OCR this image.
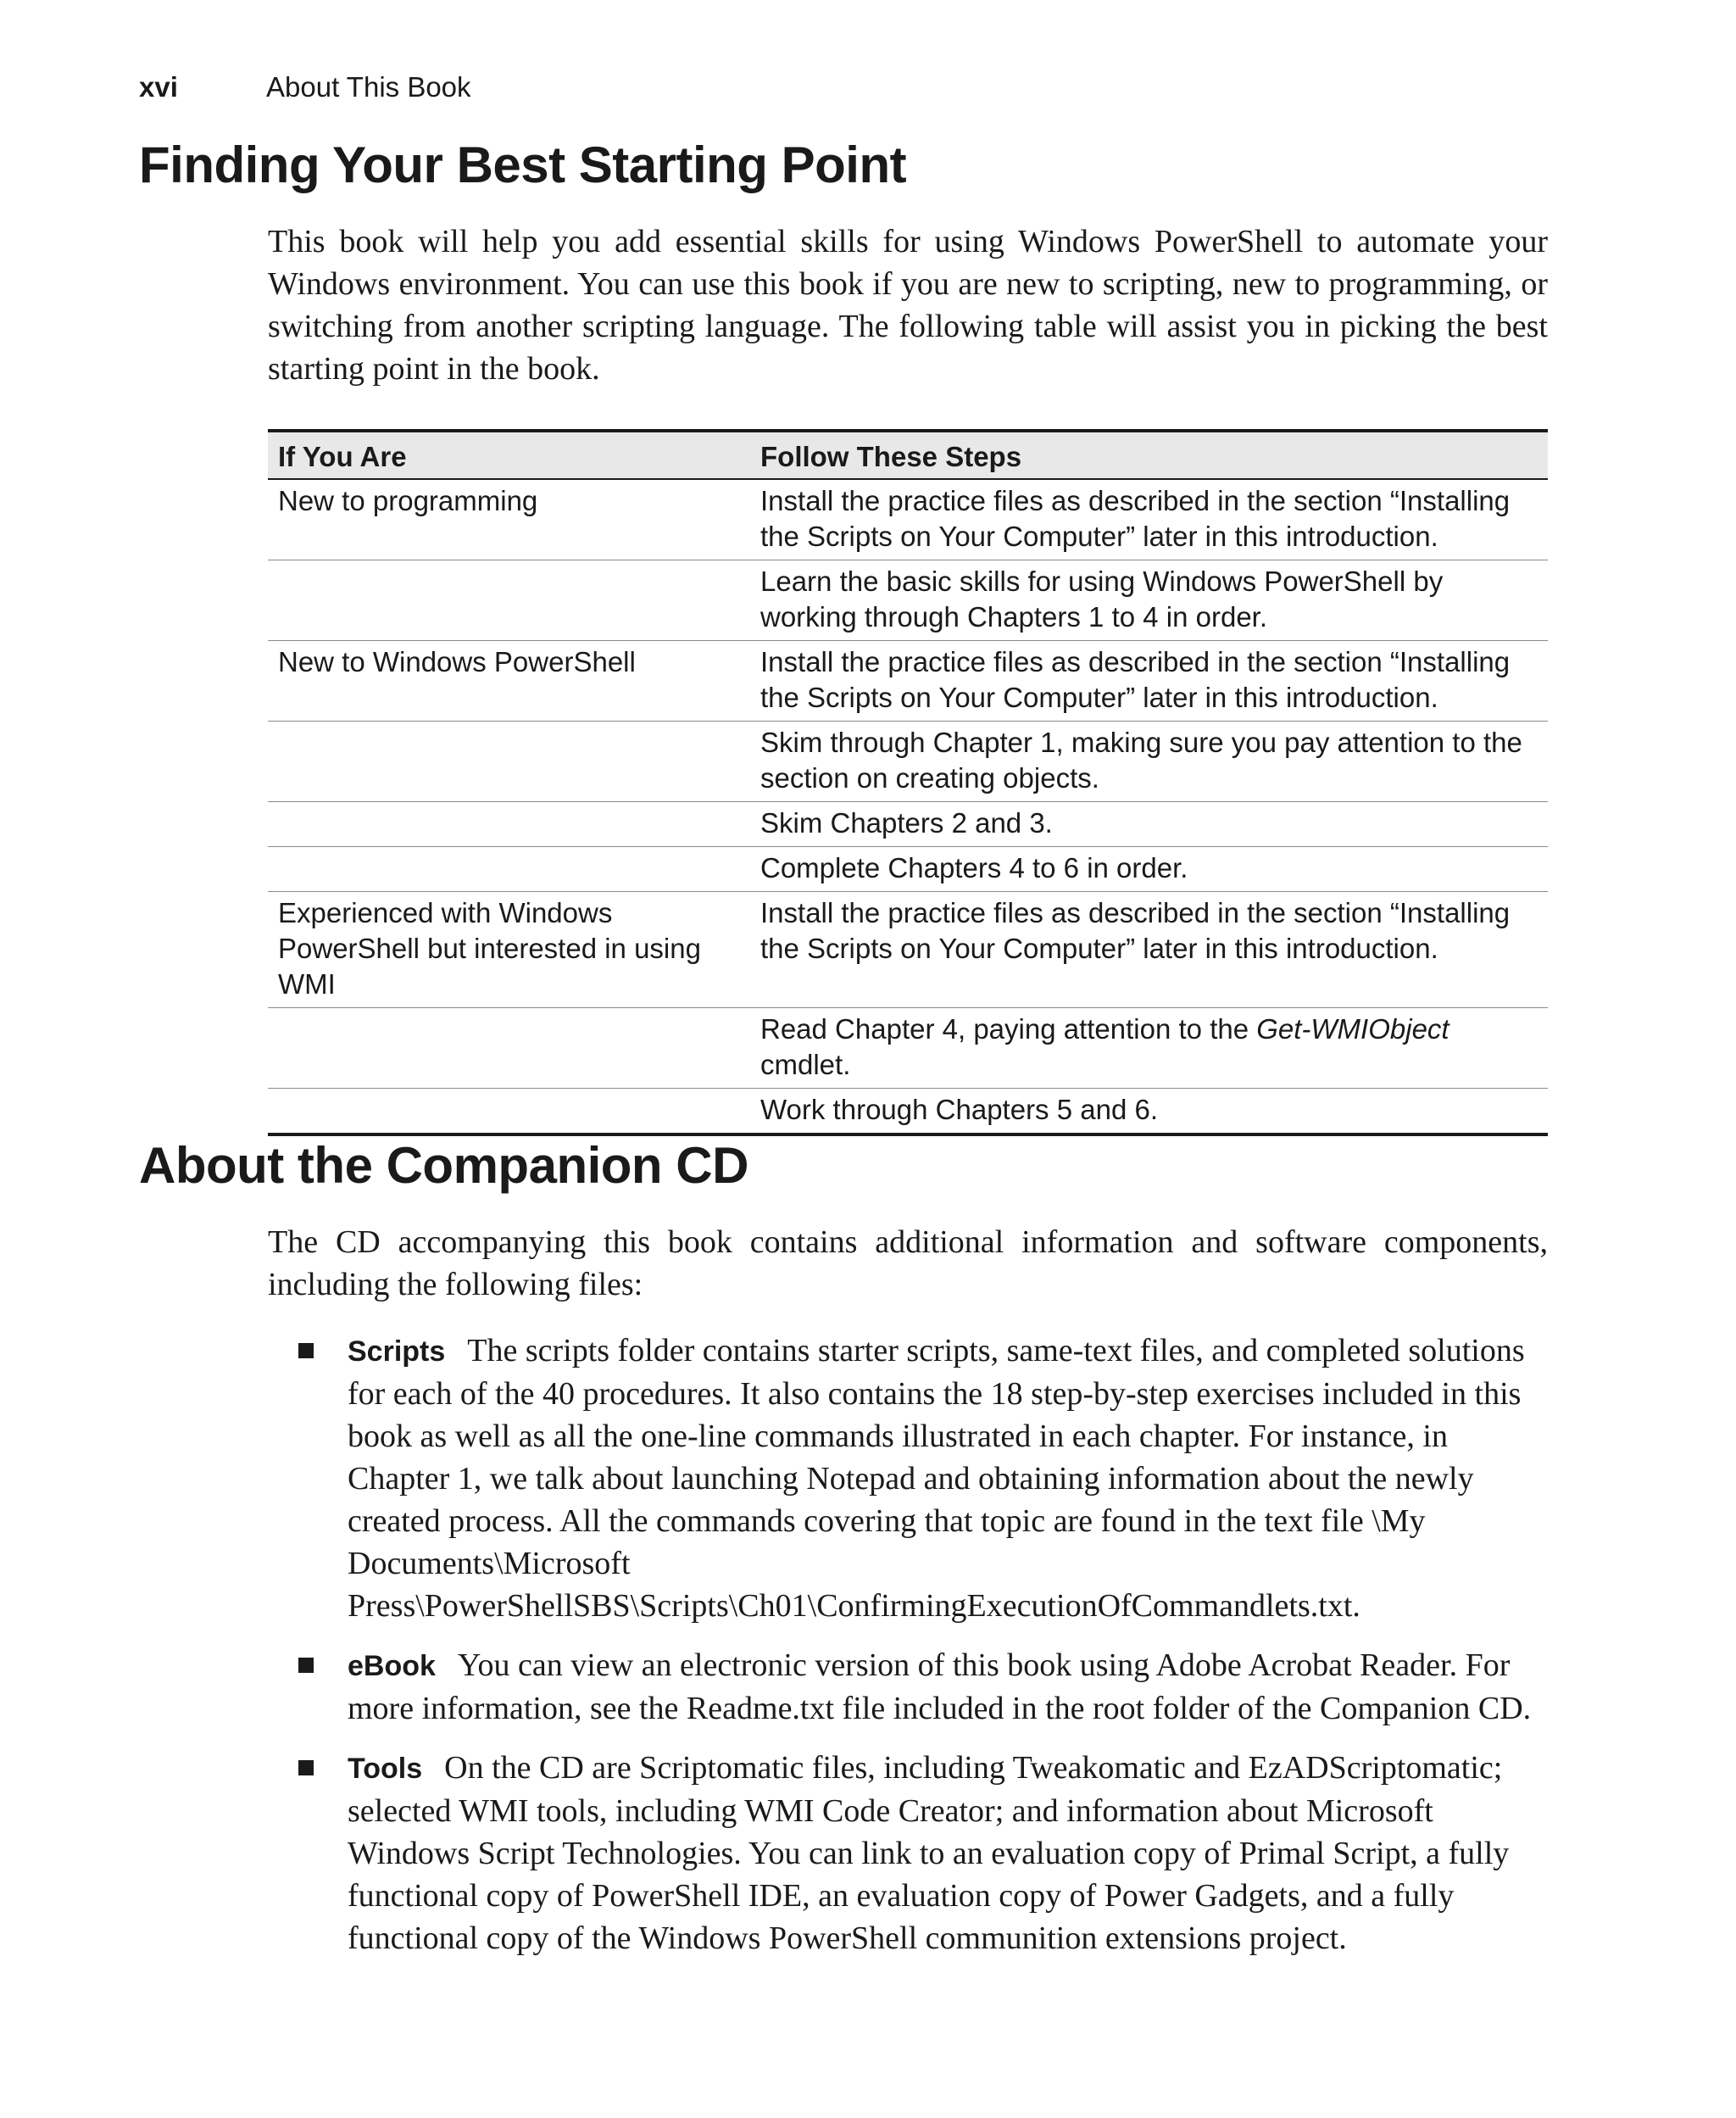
xvi	About This Book
Finding Your Best Starting Point

This book will help you add essential skills for using Windows PowerShell to automate your Windows environment. You can use this book if you are new to scripting, new to programming, or switching from another scripting language. The following table will assist you in picking the best starting point in the book.

If You Are	Follow These Steps
New to programming	Install the practice files as described in the section “Installing the Scripts on Your Computer” later in this introduction.
	Learn the basic skills for using Windows PowerShell by working through Chapters 1 to 4 in order.
New to Windows PowerShell	Install the practice files as described in the section “Installing the Scripts on Your Computer” later in this introduction.
	Skim through Chapter 1, making sure you pay attention to the section on creating objects.
	Skim Chapters 2 and 3.
	Complete Chapters 4 to 6 in order.
Experienced with Windows PowerShell but interested in using WMI	Install the practice files as described in the section “Installing the Scripts on Your Computer” later in this introduction.
	Read Chapter 4, paying attention to the Get-WMIObject cmdlet.
	Work through Chapters 5 and 6.
About the Companion CD

The CD accompanying this book contains additional information and software components, including the following files:

Scripts The scripts folder contains starter scripts, same-text files, and completed solutions for each of the 40 procedures. It also contains the 18 step-by-step exercises included in this book as well as all the one-line commands illustrated in each chapter. For instance, in Chapter 1, we talk about launching Notepad and obtaining information about the newly created process. All the commands covering that topic are found in the text file \My Documents\Microsoft Press\PowerShellSBS\Scripts\Ch01\ConfirmingExecutionOfCommandlets.txt.
eBook You can view an electronic version of this book using Adobe Acrobat Reader. For more information, see the Readme.txt file included in the root folder of the Companion CD.
Tools On the CD are Scriptomatic files, including Tweakomatic and EzADScriptomatic; selected WMI tools, including WMI Code Creator; and information about Microsoft Windows Script Technologies. You can link to an evaluation copy of Primal Script, a fully functional copy of PowerShell IDE, an evaluation copy of Power Gadgets, and a fully functional copy of the Windows PowerShell communition extensions project.
